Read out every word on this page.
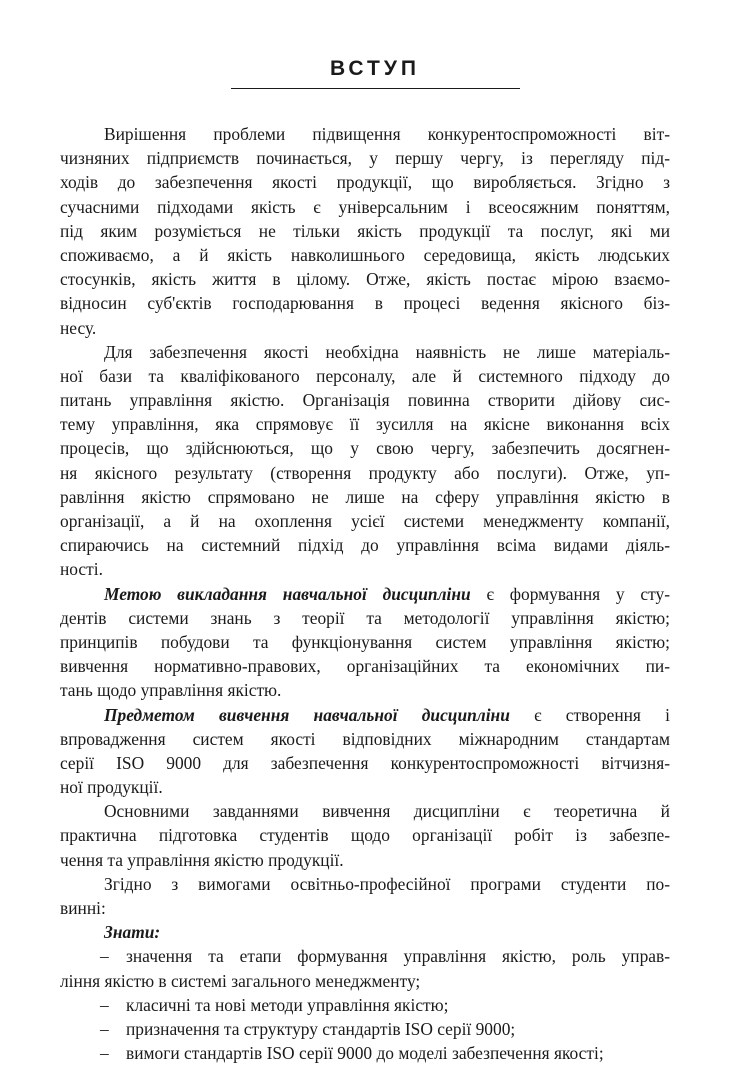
ВСТУП
Вирішення проблеми підвищення конкурентоспроможності віт-
чизняних підприємств починається, у першу чергу, із перегляду під-
ходів до забезпечення якості продукції, що виробляється. Згідно з
сучасними підходами якість є універсальним і всеосяжним поняттям,
під яким розуміється не тільки якість продукції та послуг, які ми
споживаємо, а й якість навколишнього середовища, якість людських
стосунків, якість життя в цілому. Отже, якість постає мірою взаємо-
відносин суб'єктів господарювання в процесі ведення якісного біз-
несу.
Для забезпечення якості необхідна наявність не лише матеріаль-
ної бази та кваліфікованого персоналу, але й системного підходу до
питань управління якістю. Організація повинна створити дійову сис-
тему управління, яка спрямовує її зусилля на якісне виконання всіх
процесів, що здійснюються, що у свою чергу, забезпечить досягнен-
ня якісного результату (створення продукту або послуги). Отже, уп-
равління якістю спрямовано не лише на сферу управління якістю в
організації, а й на охоплення усієї системи менеджменту компанії,
спираючись на системний підхід до управління всіма видами діяль-
ності.
Метою викладання навчальної дисципліни є формування у сту-
дентів системи знань з теорії та методології управління якістю;
принципів побудови та функціонування систем управління якістю;
вивчення нормативно-правових, організаційних та економічних пи-
тань щодо управління якістю.
Предметом вивчення навчальної дисципліни є створення і
впровадження систем якості відповідних міжнародним стандартам
серії ISO 9000 для забезпечення конкурентоспроможності вітчизня-
ної продукції.
Основними завданнями вивчення дисципліни є теоретична й
практична підготовка студентів щодо організації робіт із забезпе-
чення та управління якістю продукції.
Згідно з вимогами освітньо-професійної програми студенти по-
винні:
Знати:
– значення та етапи формування управління якістю, роль управ-
ління якістю в системі загального менеджменту;
– класичні та нові методи управління якістю;
– призначення та структуру стандартів ISO серії 9000;
– вимоги стандартів ISO серії 9000 до моделі забезпечення якості;
